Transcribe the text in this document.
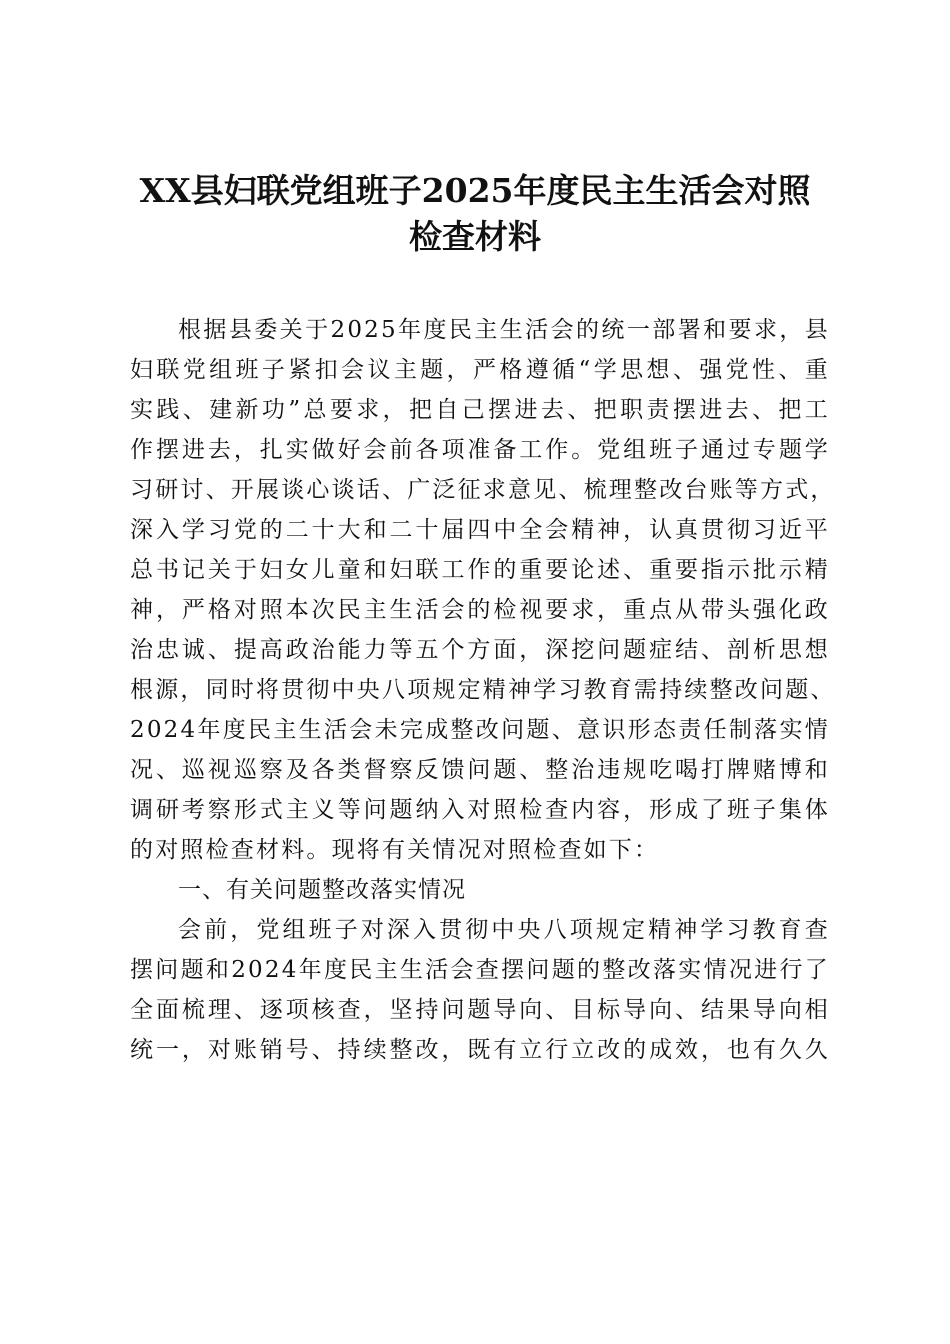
XX县妇联党组班子2025年度民主生活会对照
检查材料
根据县委关于2025年度民主生活会的统一部署和要求，县
妇联党组班子紧扣会议主题，严格遵循“学思想、强党性、重
实践、建新功”总要求，把自己摆进去、把职责摆进去、把工
作摆进去，扎实做好会前各项准备工作。党组班子通过专题学
习研讨、开展谈心谈话、广泛征求意见、梳理整改台账等方式，
深入学习党的二十大和二十届四中全会精神，认真贯彻习近平
总书记关于妇女儿童和妇联工作的重要论述、重要指示批示精
神，严格对照本次民主生活会的检视要求，重点从带头强化政
治忠诚、提高政治能力等五个方面，深挖问题症结、剖析思想
根源，同时将贯彻中央八项规定精神学习教育需持续整改问题、
2024年度民主生活会未完成整改问题、意识形态责任制落实情
况、巡视巡察及各类督察反馈问题、整治违规吃喝打牌赌博和
调研考察形式主义等问题纳入对照检查内容，形成了班子集体
的对照检查材料。现将有关情况对照检查如下：
一、有关问题整改落实情况
会前，党组班子对深入贯彻中央八项规定精神学习教育查
摆问题和2024年度民主生活会查摆问题的整改落实情况进行了
全面梳理、逐项核查，坚持问题导向、目标导向、结果导向相
统一，对账销号、持续整改，既有立行立改的成效，也有久久
